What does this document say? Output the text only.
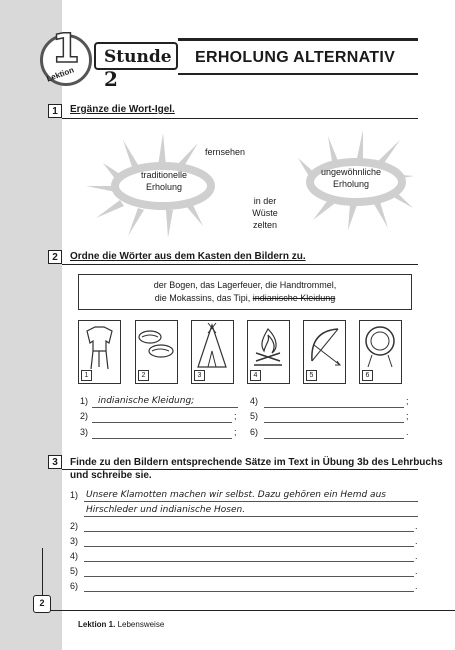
1
Lektion
Stunde 2
ERHOLUNG ALTERNATIV
1	Ergänze die Wort-Igel.
traditionelle Erholung
ungewöhnliche Erholung
fernsehen
in der Wüste zelten
2	Ordne die Wörter aus dem Kasten den Bildern zu.
der Bogen, das Lagerfeuer, die Handtrommel,
die Mokassins, das Tipi, indianische Kleidung
1	2	3	4	5	6
1) indianische Kleidung;
2)	;
3)	;
4)	;
5)	;
6)	.
3	Finde zu den Bildern entsprechende Sätze im Text in Übung 3b des Lehrbuchs
und schreibe sie.
1) Unsere Klamotten machen wir selbst. Dazu gehören ein Hemd aus
Hirschleder und indianische Hosen.
2)	.
3)	.
4)	.
5)	.
6)	.
2
Lektion 1. Lebensweise
